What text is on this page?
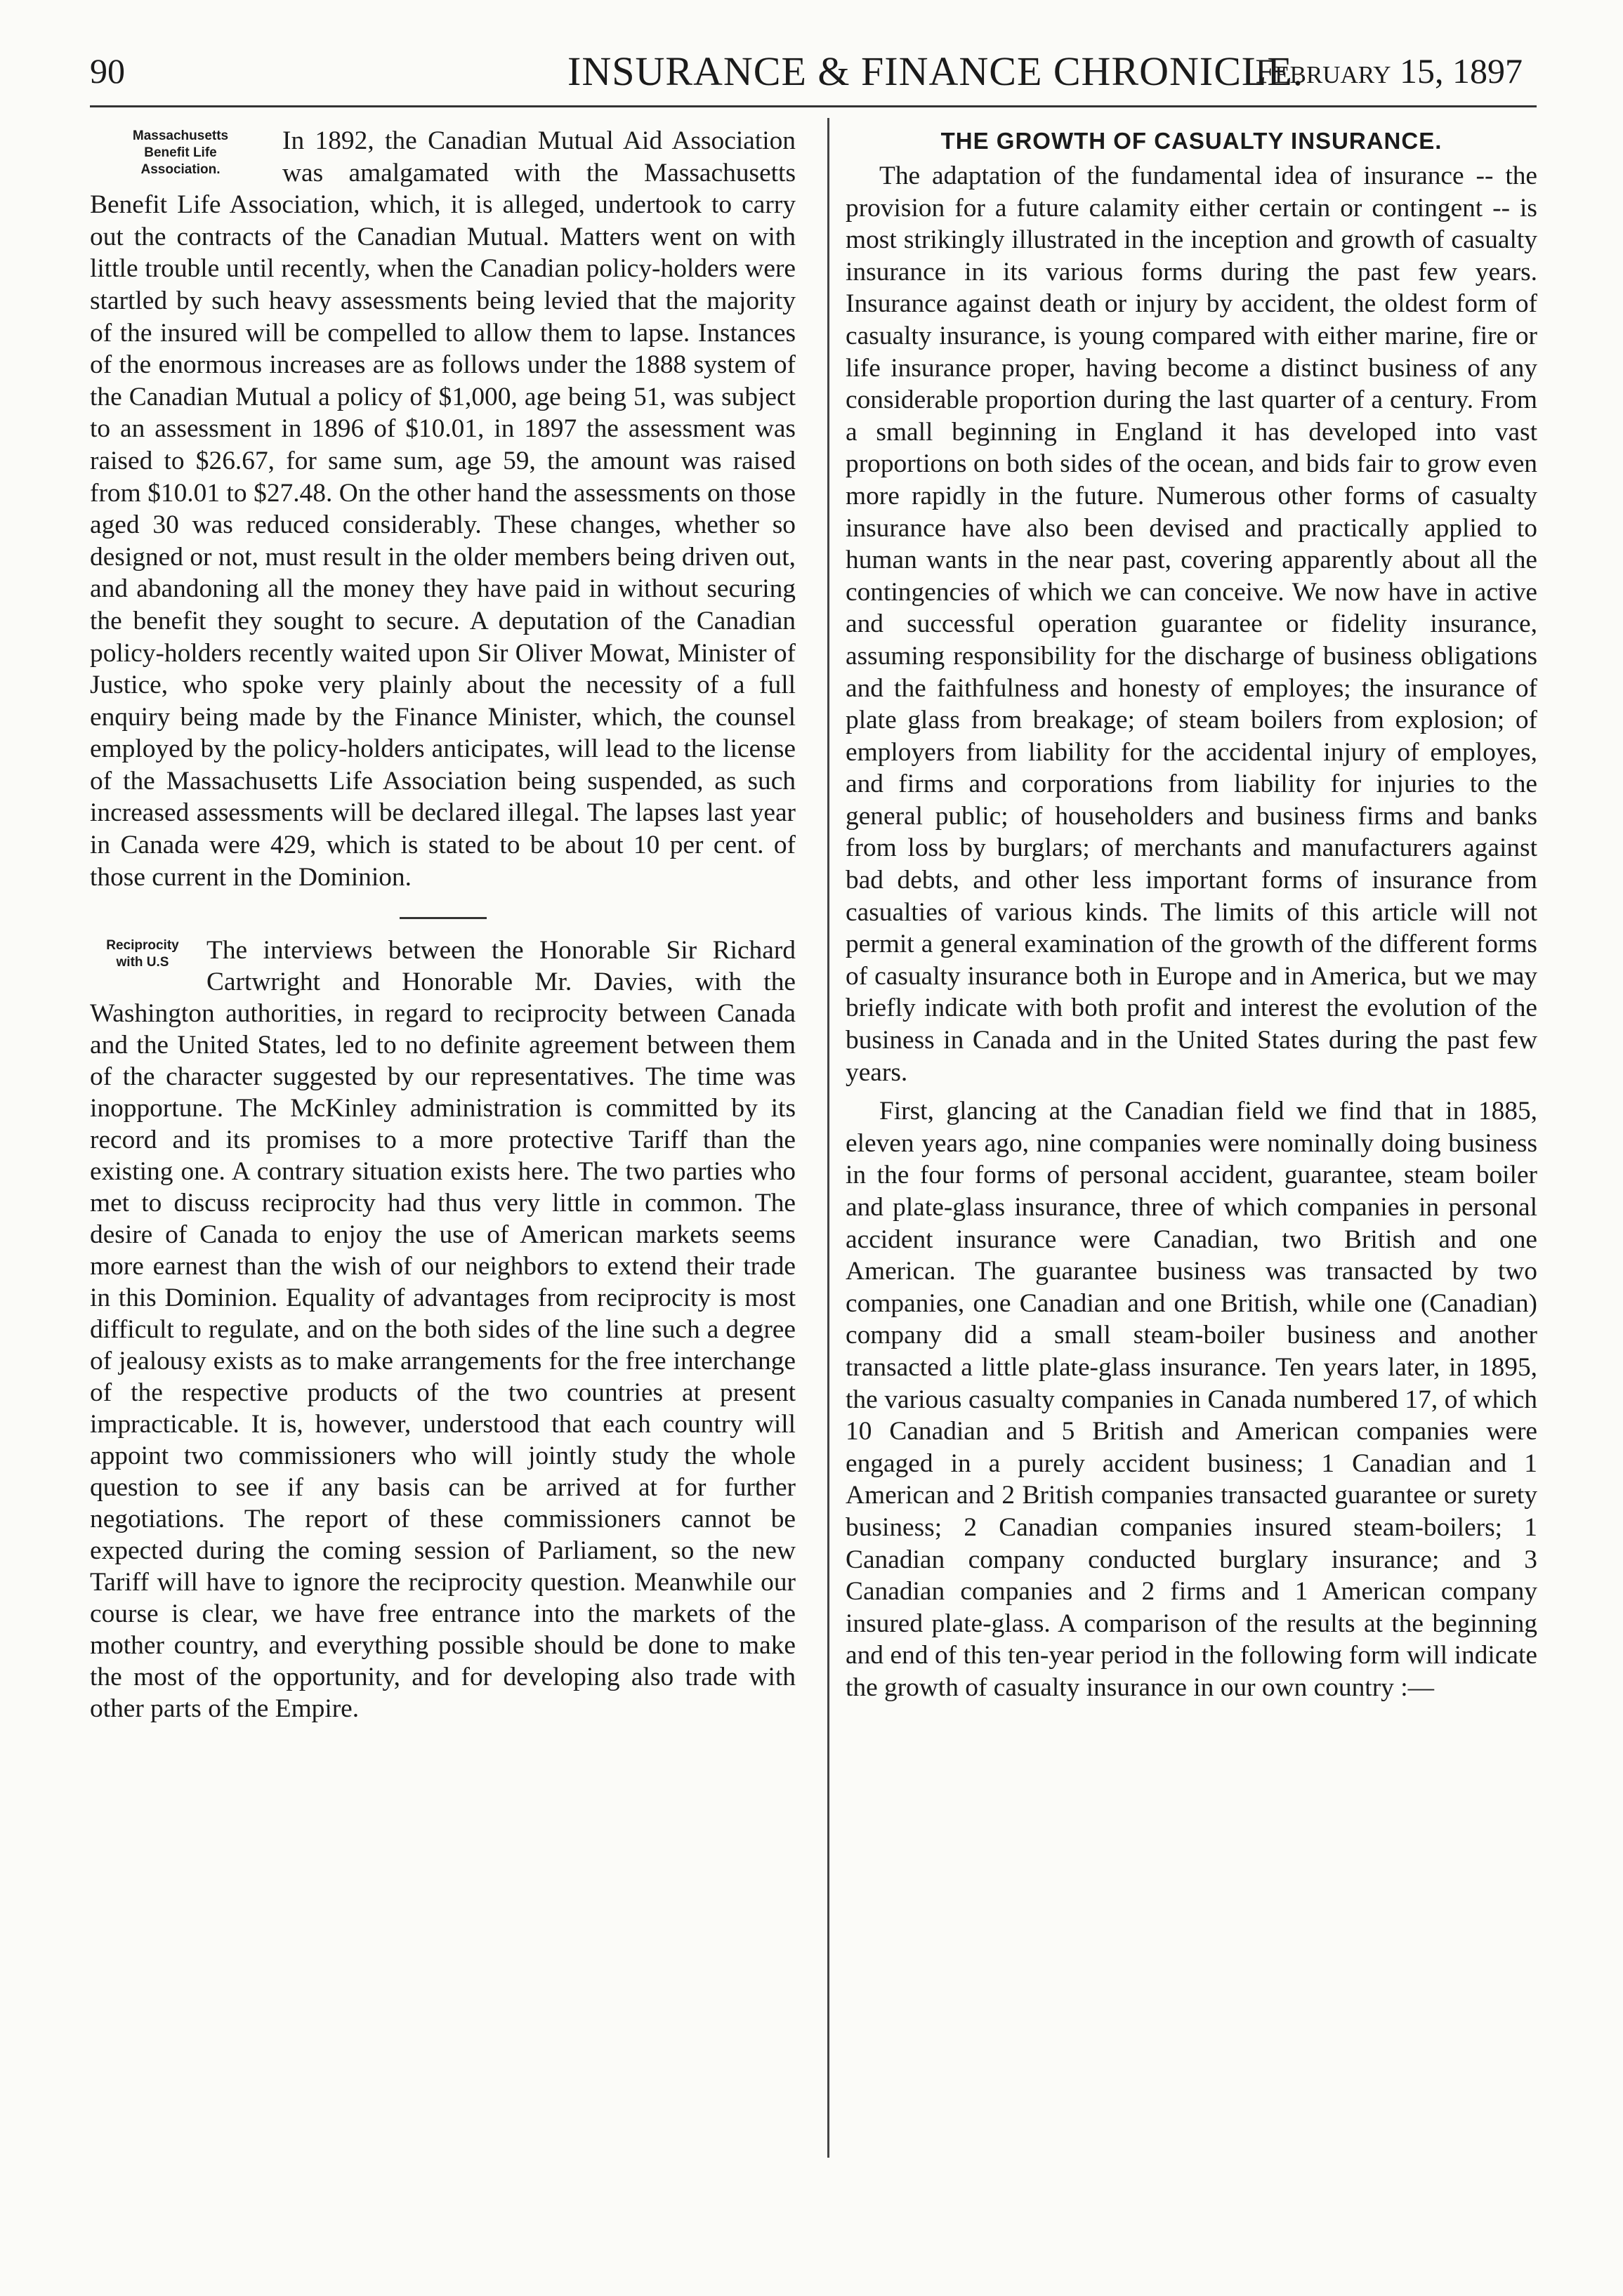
90	INSURANCE & FINANCE CHRONICLE.
February 15, 1897
Massachusetts
Benefit Life
Association.

In 1892, the Canadian Mutual Aid Association was amalgamated with the Massachusetts Benefit Life Association, which, it is alleged, undertook to carry out the contracts of the Canadian Mutual. Matters went on with little trouble until recently, when the Canadian policy-holders were startled by such heavy assessments being levied that the majority of the insured will be compelled to allow them to lapse. Instances of the enormous increases are as follows under the 1888 system of the Canadian Mutual a policy of $1,000, age being 51, was subject to an assessment in 1896 of $10.01, in 1897 the assessment was raised to $26.67, for same sum, age 59, the amount was raised from $10.01 to $27.48. On the other hand the assessments on those aged 30 was reduced considerably. These changes, whether so designed or not, must result in the older members being driven out, and abandoning all the money they have paid in without securing the benefit they sought to secure. A deputation of the Canadian policy-holders recently waited upon Sir Oliver Mowat, Minister of Justice, who spoke very plainly about the necessity of a full enquiry being made by the Finance Minister, which, the counsel employed by the policy-holders anticipates, will lead to the license of the Massachusetts Life Association being suspended, as such increased assessments will be declared illegal. The lapses last year in Canada were 429, which is stated to be about 10 per cent. of those current in the Dominion.

Reciprocity
with U.S	The interviews between the Honorable Sir Richard Cartwright and Honorable Mr. Davies, with the Washington authorities, in regard to reciprocity between Canada and the United States, led to no definite agreement between them of the character suggested by our representatives. The time was inopportune. The McKinley administration is committed by its record and its promises to a more protective Tariff than the existing one. A contrary situation exists here. The two parties who met to discuss reciprocity had thus very little in common. The desire of Canada to enjoy the use of American markets seems more earnest than the wish of our neighbors to extend their trade in this Dominion. Equality of advantages from reciprocity is most difficult to regulate, and on the both sides of the line such a degree of jealousy exists as to make arrangements for the free interchange of the respective products of the two countries at present impracticable. It is, however, understood that each country will appoint two commissioners who will jointly study the whole question to see if any basis can be arrived at for further negotiations. The report of these commissioners cannot be expected during the coming session of Parliament, so the new Tariff will have to ignore the reciprocity question. Meanwhile our course is clear, we have free entrance into the markets of the mother country, and everything possible should be done to make the most of the opportunity, and for developing also trade with other parts of the Empire.

THE GROWTH OF CASUALTY INSURANCE.

The adaptation of the fundamental idea of insurance -- the provision for a future calamity either certain or contingent -- is most strikingly illustrated in the inception and growth of casualty insurance in its various forms during the past few years. Insurance against death or injury by accident, the oldest form of casualty insurance, is young compared with either marine, fire or life insurance proper, having become a distinct business of any considerable proportion during the last quarter of a century. From a small beginning in England it has developed into vast proportions on both sides of the ocean, and bids fair to grow even more rapidly in the future. Numerous other forms of casualty insurance have also been devised and practically applied to human wants in the near past, covering apparently about all the contingencies of which we can conceive. We now have in active and successful operation guarantee or fidelity insurance, assuming responsibility for the discharge of business obligations and the faithfulness and honesty of employes; the insurance of plate glass from breakage; of steam boilers from explosion; of employers from liability for the accidental injury of employes, and firms and corporations from liability for injuries to the general public; of householders and business firms and banks from loss by burglars; of merchants and manufacturers against bad debts, and other less important forms of insurance from casualties of various kinds. The limits of this article will not permit a general examination of the growth of the different forms of casualty insurance both in Europe and in America, but we may briefly indicate with both profit and interest the evolution of the business in Canada and in the United States during the past few years.

First, glancing at the Canadian field we find that in 1885, eleven years ago, nine companies were nominally doing business in the four forms of personal accident, guarantee, steam boiler and plate-glass insurance, three of which companies in personal accident insurance were Canadian, two British and one American. The guarantee business was transacted by two companies, one Canadian and one British, while one (Canadian) company did a small steam-boiler business and another transacted a little plate-glass insurance. Ten years later, in 1895, the various casualty companies in Canada numbered 17, of which 10 Canadian and 5 British and American companies were engaged in a purely accident business; 1 Canadian and 1 American and 2 British companies transacted guarantee or surety business; 2 Canadian companies insured steam-boilers; 1 Canadian company conducted burglary insurance; and 3 Canadian companies and 2 firms and 1 American company insured plate-glass. A comparison of the results at the beginning and end of this ten-year period in the following form will indicate the growth of casualty insurance in our own country :—
